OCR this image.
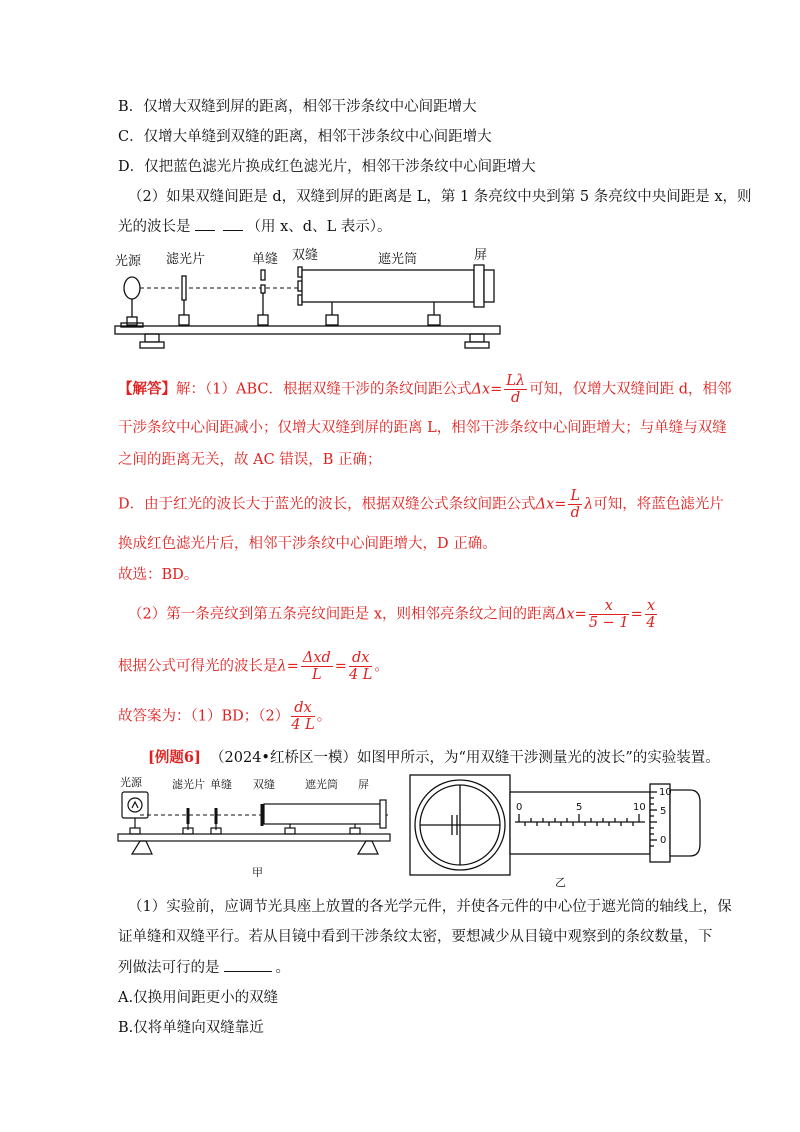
B．仅增大双缝到屏的距离，相邻干涉条纹中心间距增大
C．仅增大单缝到双缝的距离，相邻干涉条纹中心间距增大
D．仅把蓝色滤光片换成红色滤光片，相邻干涉条纹中心间距增大
（2）如果双缝间距是 d，双缝到屏的距离是 L，第 1 条亮纹中央到第 5 条亮纹中央间距是 x，则
光的波长是	（用 x、d、L 表示）。
光源 滤光片	单缝 双缝	遮光筒	屏
【解答】解：（1）ABC．根据双缝干涉的条纹间距公式$\Delta x= \frac{L\lambda}{d}$ 可知，仅增大双缝间距 d，相邻
干涉条纹中心间距减小；仅增大双缝到屏的距离 L，相邻干涉条纹中心间距增大；与单缝与双缝
之间的距离无关，故 AC 错误，B 正确；
D．由于红光的波长大于蓝光的波长，根据双缝公式条纹间距公式$\Delta x= \frac{L}{d}$ λ可知，将蓝色滤光片
换成红色滤光片后，相邻干涉条纹中心间距增大，D 正确。
故选：BD。
（2）第一条亮纹到第五条亮纹间距是 x，则相邻亮条纹之间的距离$\Delta x= \frac{x}{5 - 1} = \frac{x}{4}$
根据公式可得光的波长是$\lambda= \frac{\text{Δxd}}{L} = \frac{dx}{4 L}$ 。
故答案为：（1）BD；$(2) \frac{dx}{4 L}$ 。
[例题6] （2024•红桥区一模）如图甲所示，为“用双缝干涉测量光的波长”的实验装置。
光源	滤光片 单缝 双缝	遮光筒 屏
甲
0	5	10
10
5
0
乙
（1）实验前，应调节光具座上放置的各光学元件，并使各元件的中心位于遮光筒的轴线上，保
证单缝和双缝平行。若从目镜中看到干涉条纹太密，要想减少从目镜中观察到的条纹数量，下
列做法可行的是	。
A.仅换用间距更小的双缝
B.仅将单缝向双缝靠近
